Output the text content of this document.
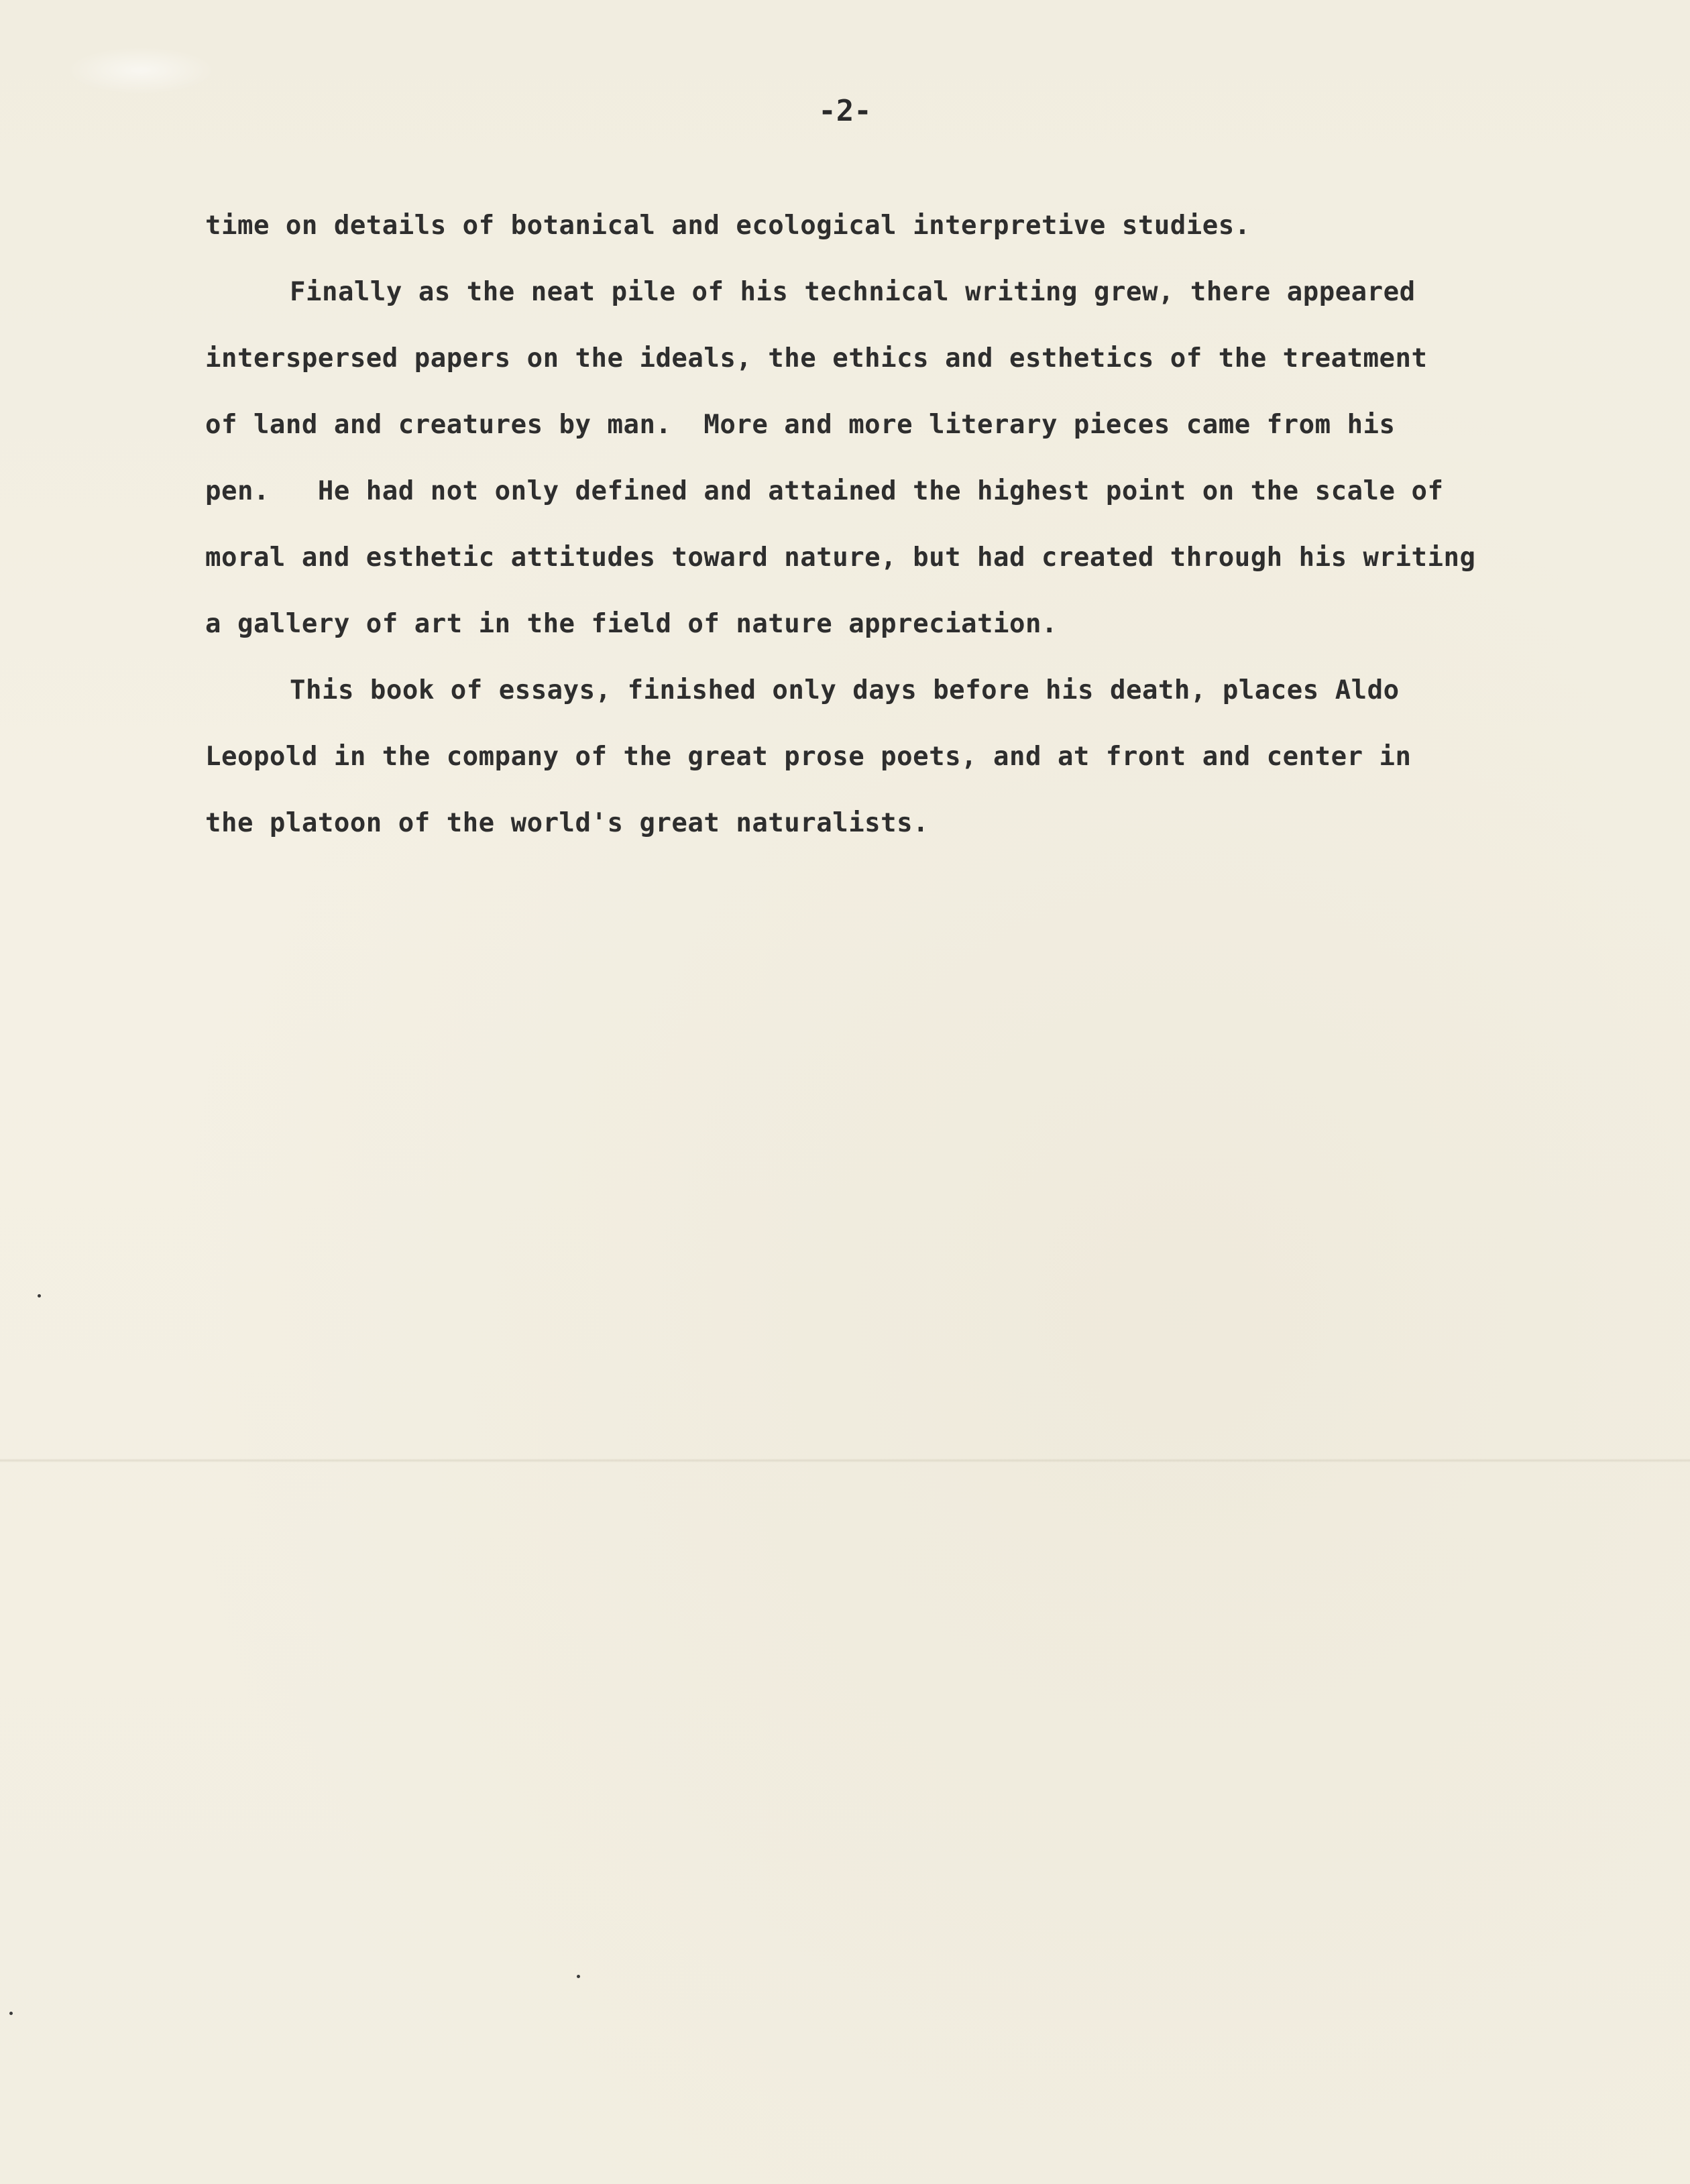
-2-
time on details of botanical and ecological interpretive studies.
Finally as the neat pile of his technical writing grew, there appeared
interspersed papers on the ideals, the ethics and esthetics of the treatment
of land and creatures by man.  More and more literary pieces came from his
pen.   He had not only defined and attained the highest point on the scale of
moral and esthetic attitudes toward nature, but had created through his writing
a gallery of art in the field of nature appreciation.
This book of essays, finished only days before his death, places Aldo
Leopold in the company of the great prose poets, and at front and center in
the platoon of the world's great naturalists.
